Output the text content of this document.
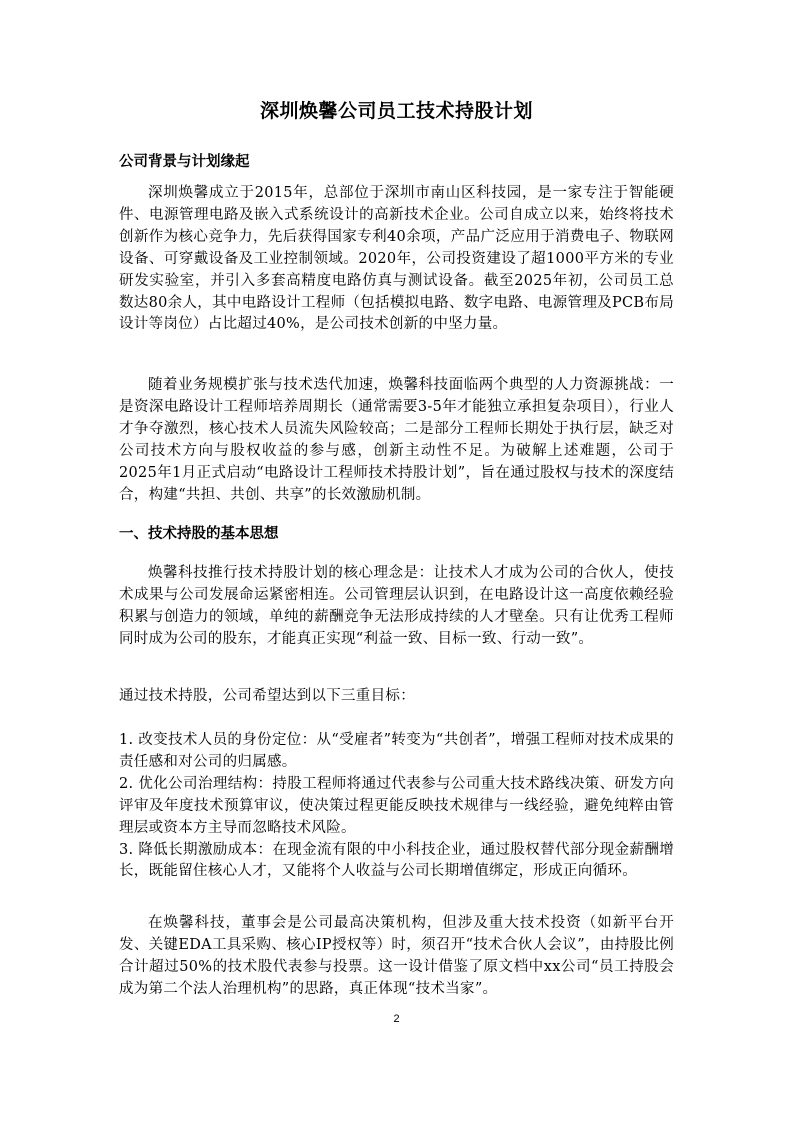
深圳焕馨公司员工技术持股计划
公司背景与计划缘起

深圳焕馨成立于2015年，总部位于深圳市南山区科技园，是一家专注于智能硬件、电源管理电路及嵌入式系统设计的高新技术企业。公司自成立以来，始终将技术创新作为核心竞争力，先后获得国家专利40余项，产品广泛应用于消费电子、物联网设备、可穿戴设备及工业控制领域。2020年，公司投资建设了超1000平方米的专业研发实验室，并引入多套高精度电路仿真与测试设备。截至2025年初，公司员工总数达80余人，其中电路设计工程师（包括模拟电路、数字电路、电源管理及PCB布局设计等岗位）占比超过40%，是公司技术创新的中坚力量。

随着业务规模扩张与技术迭代加速，焕馨科技面临两个典型的人力资源挑战：一是资深电路设计工程师培养周期长（通常需要3-5年才能独立承担复杂项目），行业人才争夺激烈，核心技术人员流失风险较高；二是部分工程师长期处于执行层，缺乏对公司技术方向与股权收益的参与感，创新主动性不足。为破解上述难题，公司于2025年1月正式启动“电路设计工程师技术持股计划”，旨在通过股权与技术的深度结合，构建“共担、共创、共享”的长效激励机制。

一、技术持股的基本思想

焕馨科技推行技术持股计划的核心理念是：让技术人才成为公司的合伙人，使技术成果与公司发展命运紧密相连。公司管理层认识到，在电路设计这一高度依赖经验积累与创造力的领域，单纯的薪酬竞争无法形成持续的人才壁垒。只有让优秀工程师同时成为公司的股东，才能真正实现“利益一致、目标一致、行动一致”。

通过技术持股，公司希望达到以下三重目标：

1. 改变技术人员的身份定位：从“受雇者”转变为“共创者”，增强工程师对技术成果的责任感和对公司的归属感。

2. 优化公司治理结构：持股工程师将通过代表参与公司重大技术路线决策、研发方向评审及年度技术预算审议，使决策过程更能反映技术规律与一线经验，避免纯粹由管理层或资本方主导而忽略技术风险。

3. 降低长期激励成本：在现金流有限的中小科技企业，通过股权替代部分现金薪酬增长，既能留住核心人才，又能将个人收益与公司长期增值绑定，形成正向循环。

在焕馨科技，董事会是公司最高决策机构，但涉及重大技术投资（如新平台开发、关键EDA工具采购、核心IP授权等）时，须召开“技术合伙人会议”，由持股比例合计超过50%的技术股代表参与投票。这一设计借鉴了原文档中xx公司“员工持股会成为第二个法人治理机构”的思路，真正体现“技术当家”。

2
